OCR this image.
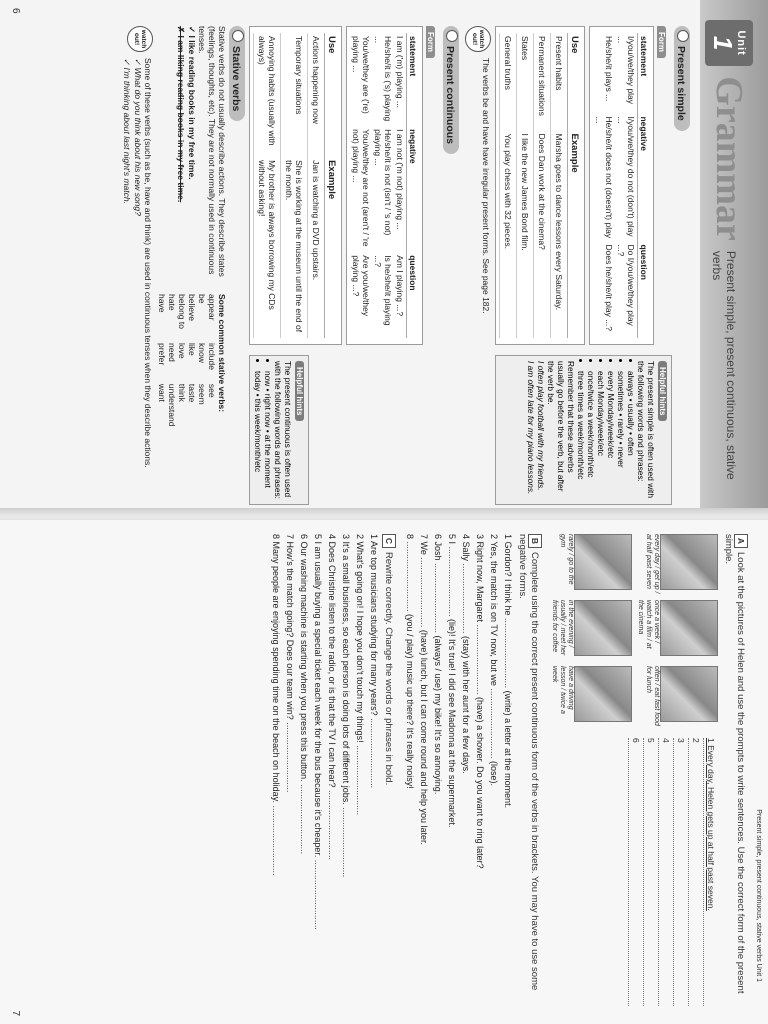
Unit
1
Grammar
Present simple, present continuous, stative verbs
Present simple
Form
statement	negative	question
I/you/we/they play ...	I/you/we/they do not (don't) play ...	Do I/you/we/they play ...?
He/she/it plays ...	He/she/it does not (doesn't) play ...	Does he/she/it play ...?
Use	Example
Present habits	Marsha goes to dance lessons every Saturday.
Permanent situations	Does Dan work at the cinema?
States	I like the new James Bond film.
General truths	You play chess with 32 pieces.
Helpful hints
The present simple is often used with the following words and phrases:
• always • usually • often
• sometimes • rarely • never
• every Monday/week/etc
• each Monday/week/etc
• once/twice a week/month/etc
• three times a week/month/etc
Remember that these adverbs usually go before the verb, but after the verb be.
I often play football with my friends.
I am often late for my piano lessons.
watch out!
The verbs be and have have irregular present forms. See page 182.
Present continuous
Form
statement	negative	question
I am ('m) playing ...	I am not ('m not) playing ...	Am I playing ...?
He/she/it is ('s) playing ...	He/she/it is not (isn't / 's not) playing ...	Is he/she/it playing ...?
You/we/they are ('re) playing ...	You/we/they are not (aren't / 're not) playing ...	Are you/we/they playing ...?
Use	Example
Actions happening now	Jan is watching a DVD upstairs.
Temporary situations	She is working at the museum until the end of the month.
Annoying habits (usually with always)	My brother is always borrowing my CDs without asking!
Helpful hints
The present continuous is often used with the following words and phrases:
• now • right now • at the moment
• today • this week/month/etc
Stative verbs
Stative verbs do not usually describe actions. They describe states (feelings, thoughts, etc). They are not normally used in continuous tenses.
✓ I like reading books in my free time.
✗ I am liking reading books in my free time.
Some common stative verbs:
appear
be
believe
belong to
hate
have
include
know
like
love
need
prefer
see
seem
taste
think
understand
want
watch out!
Some of these verbs (such as be, have and think) are used in continuous tenses when they describe actions.
✓ What do you think about his new song?
✓ I'm thinking about last night's match.
6
Present simple, present continuous, stative verbs Unit 1
ALook at the pictures of Helen and use the prompts to write sentences. Use the correct form of the present simple.
every day / get up / at half past seven
once a week / watch a film / at the cinema
often / eat fast food for lunch
rarely / go to the gym
in the evening / usually / meet her friends for coffee
have a driving lesson / twice a week
1 Every day, Helen gets up at half past seven.
2
3
4
5
6
BComplete using the correct present continuous form of the verbs in brackets. You may have to use some negative forms.
1 Gordon? I think he ............................ (write) a letter at the moment.
2 Yes, the match is on TV now, but we ............................ (lose).
3 Right now, Margaret ............................ (have) a shower. Do you want to ring later?
4 Sally ............................ (stay) with her aunt for a few days.
5 I ............................ (lie)! It's true! I did see Madonna at the supermarket.
6 Josh ............................ (always / use) my bike! It's so annoying.
7 We ............................ (have) lunch, but I can come round and help you later.
8 ............................ (you / play) music up there? It's really noisy!
CRewrite correctly. Change the words or phrases in bold.
1 Are top musicians studying for many years? ............................
2 What's going on! I hope you don't touch my things! ............................
3 It's a small business, so each person is doing lots of different jobs. ............................
4 Does Christine listen to the radio, or is that the TV I can hear? ............................
5 I am usually buying a special ticket each week for the bus because it's cheaper. ............................
6 Our washing machine is starting when you press this button. ............................
7 How's the match going? Does our team win? ............................
8 Many people are enjoying spending time on the beach on holiday. ............................
7
